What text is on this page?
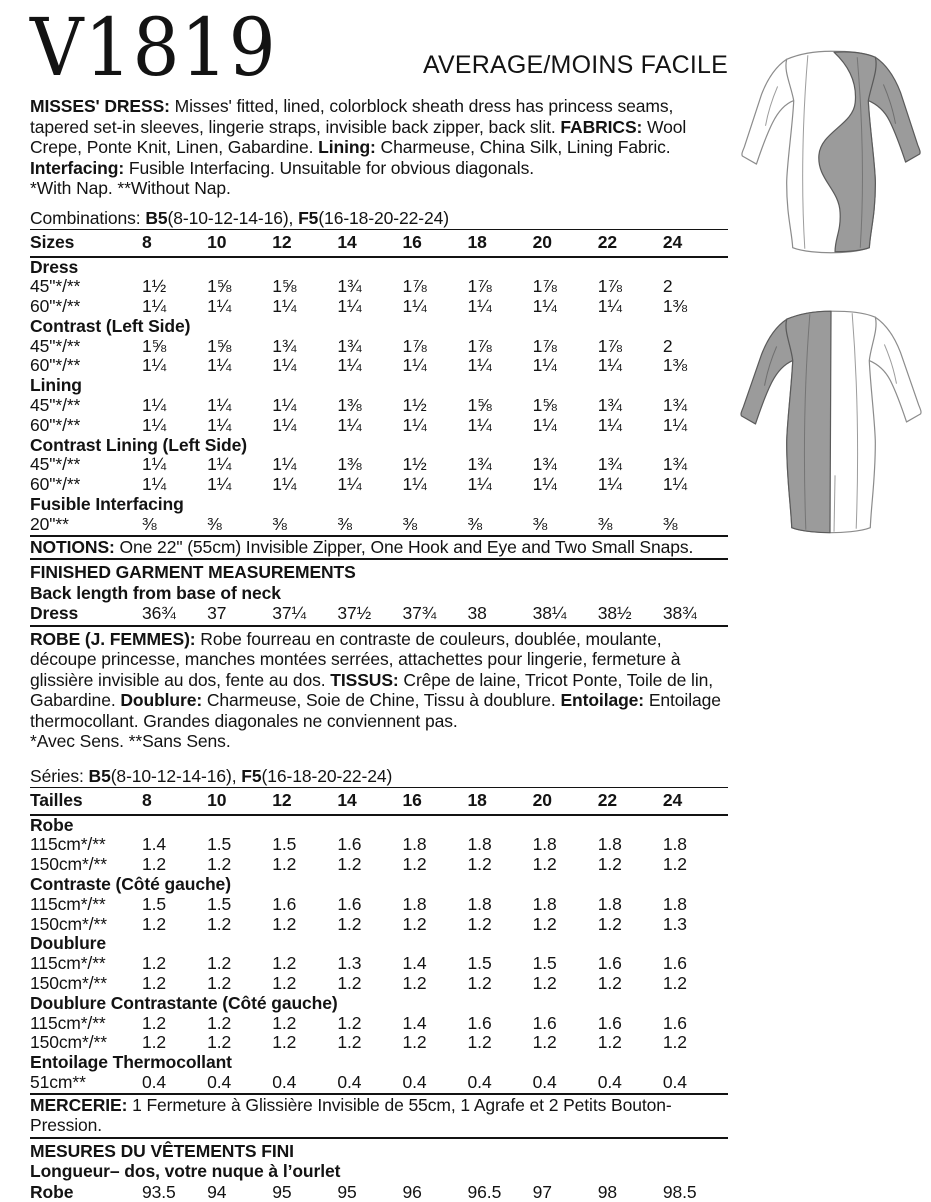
V1819	AVERAGE/MOINS FACILE

MISSES' DRESS: Misses' fitted, lined, colorblock sheath dress has princess seams, tapered set-in sleeves, lingerie straps, invisible back zipper, back slit. FABRICS: Wool Crepe, Ponte Knit, Linen, Gabardine. Lining: Charmeuse, China Silk, Lining Fabric. Interfacing: Fusible Interfacing. Unsuitable for obvious diagonals.

*With Nap. **Without Nap.
Combinations: B5(8-10-12-14-16), F5(16-18-20-22-24)
Sizes	8	10	12	14	16	18	20	22	24
Dress									
45"*/**	1½	1⅝	1⅝	1¾	1⅞	1⅞	1⅞	1⅞	2
60"*/**	1¼	1¼	1¼	1¼	1¼	1¼	1¼	1¼	1⅜
Contrast (Left Side)									
45"*/**	1⅝	1⅝	1¾	1¾	1⅞	1⅞	1⅞	1⅞	2
60"*/**	1¼	1¼	1¼	1¼	1¼	1¼	1¼	1¼	1⅜
Lining									
45"*/**	1¼	1¼	1¼	1⅜	1½	1⅝	1⅝	1¾	1¾
60"*/**	1¼	1¼	1¼	1¼	1¼	1¼	1¼	1¼	1¼
Contrast Lining (Left Side)									
45"*/**	1¼	1¼	1¼	1⅜	1½	1¾	1¾	1¾	1¾
60"*/**	1¼	1¼	1¼	1¼	1¼	1¼	1¼	1¼	1¼
Fusible Interfacing									
20"**	⅜	⅜	⅜	⅜	⅜	⅜	⅜	⅜	⅜

NOTIONS: One 22" (55cm) Invisible Zipper, One Hook and Eye and Two Small Snaps.

FINISHED GARMENT MEASUREMENTS
Back length from base of neck
Dress	36¾	37	37¼	37½	37¾	38	38¼	38½	38¾

ROBE (J. FEMMES): Robe fourreau en contraste de couleurs, doublée, moulante, découpe princesse, manches montées serrées, attachettes pour lingerie, fermeture à glissière invisible au dos, fente au dos. TISSUS: Crêpe de laine, Tricot Ponte, Toile de lin, Gabardine. Doublure: Charmeuse, Soie de Chine, Tissu à doublure. Entoilage: Entoilage thermocollant. Grandes diagonales ne conviennent pas.

*Avec Sens. **Sans Sens.
Séries: B5(8-10-12-14-16), F5(16-18-20-22-24)
Tailles	8	10	12	14	16	18	20	22	24
Robe									
115cm*/**	1.4	1.5	1.5	1.6	1.8	1.8	1.8	1.8	1.8
150cm*/**	1.2	1.2	1.2	1.2	1.2	1.2	1.2	1.2	1.2
Contraste (Côté gauche)									
115cm*/**	1.5	1.5	1.6	1.6	1.8	1.8	1.8	1.8	1.8
150cm*/**	1.2	1.2	1.2	1.2	1.2	1.2	1.2	1.2	1.3
Doublure									
115cm*/**	1.2	1.2	1.2	1.3	1.4	1.5	1.5	1.6	1.6
150cm*/**	1.2	1.2	1.2	1.2	1.2	1.2	1.2	1.2	1.2
Doublure Contrastante (Côté gauche)									
115cm*/**	1.2	1.2	1.2	1.2	1.4	1.6	1.6	1.6	1.6
150cm*/**	1.2	1.2	1.2	1.2	1.2	1.2	1.2	1.2	1.2
Entoilage Thermocollant									
51cm**	0.4	0.4	0.4	0.4	0.4	0.4	0.4	0.4	0.4

MERCERIE: 1 Fermeture à Glissière Invisible de 55cm, 1 Agrafe et 2 Petits Bouton-Pression.

MESURES DU VÊTEMENTS FINI
Longueur– dos, votre nuque à l’ourlet
Robe	93.5	94	95	95	96	96.5	97	98	98.5
